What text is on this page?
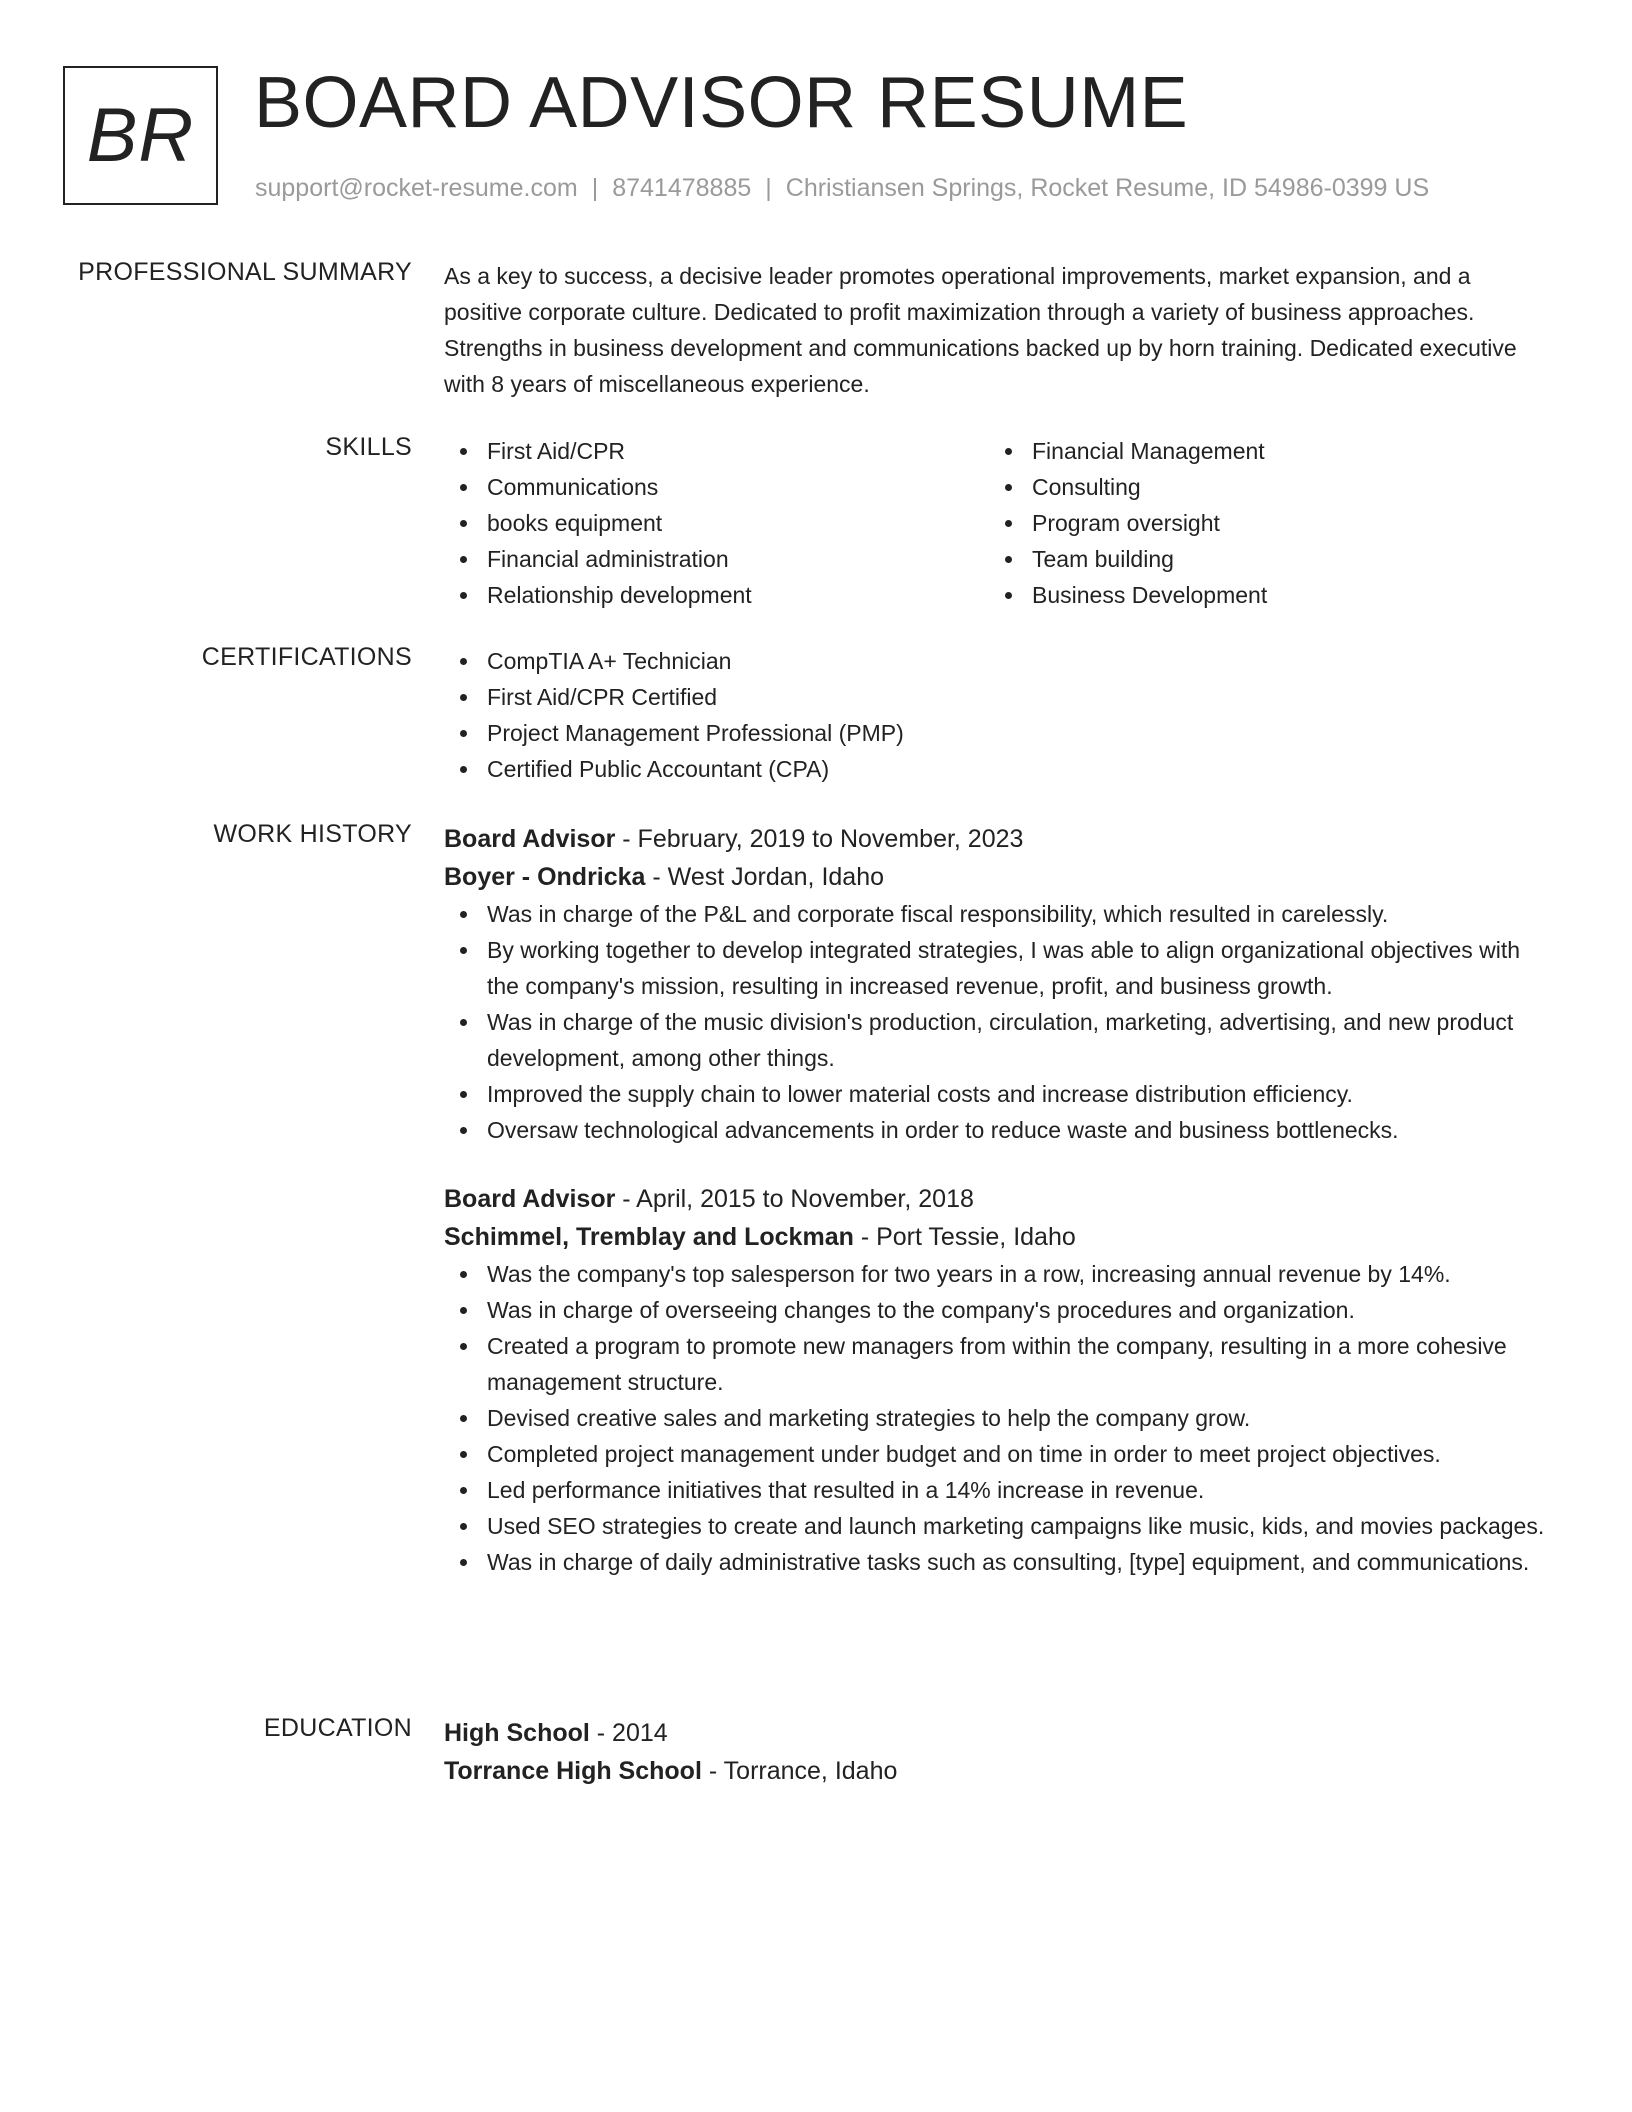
BR BOARD ADVISOR RESUME
support@rocket-resume.com | 8741478885 | Christiansen Springs, Rocket Resume, ID 54986-0399 US
PROFESSIONAL SUMMARY As a key to success, a decisive leader promotes operational improvements, market expansion, and a positive corporate culture. Dedicated to profit maximization through a variety of business approaches. Strengths in business development and communications backed up by horn training. Dedicated executive with 8 years of miscellaneous experience.
SKILLS	First Aid/CPR
Communications
books equipment
Financial administration
Relationship development
Financial Management
Consulting
Program oversight
Team building
Business Development
CERTIFICATIONS	CompTIA A+ Technician
First Aid/CPR Certified
Project Management Professional (PMP)
Certified Public Accountant (CPA)
WORK HISTORY Board Advisor - February, 2019 to November, 2023
Boyer - Ondricka - West Jordan, Idaho
Was in charge of the P&L and corporate fiscal responsibility, which resulted in carelessly.
By working together to develop integrated strategies, I was able to align organizational objectives with the company's mission, resulting in increased revenue, profit, and business growth.
Was in charge of the music division's production, circulation, marketing, advertising, and new product development, among other things.
Improved the supply chain to lower material costs and increase distribution efficiency.
Oversaw technological advancements in order to reduce waste and business bottlenecks.
Board Advisor - April, 2015 to November, 2018
Schimmel, Tremblay and Lockman - Port Tessie, Idaho
Was the company's top salesperson for two years in a row, increasing annual revenue by 14%.
Was in charge of overseeing changes to the company's procedures and organization.
Created a program to promote new managers from within the company, resulting in a more cohesive management structure.
Devised creative sales and marketing strategies to help the company grow.
Completed project management under budget and on time in order to meet project objectives.
Led performance initiatives that resulted in a 14% increase in revenue.
Used SEO strategies to create and launch marketing campaigns like music, kids, and movies packages.
Was in charge of daily administrative tasks such as consulting, [type] equipment, and communications.
EDUCATION High School - 2014
Torrance High School - Torrance, Idaho
